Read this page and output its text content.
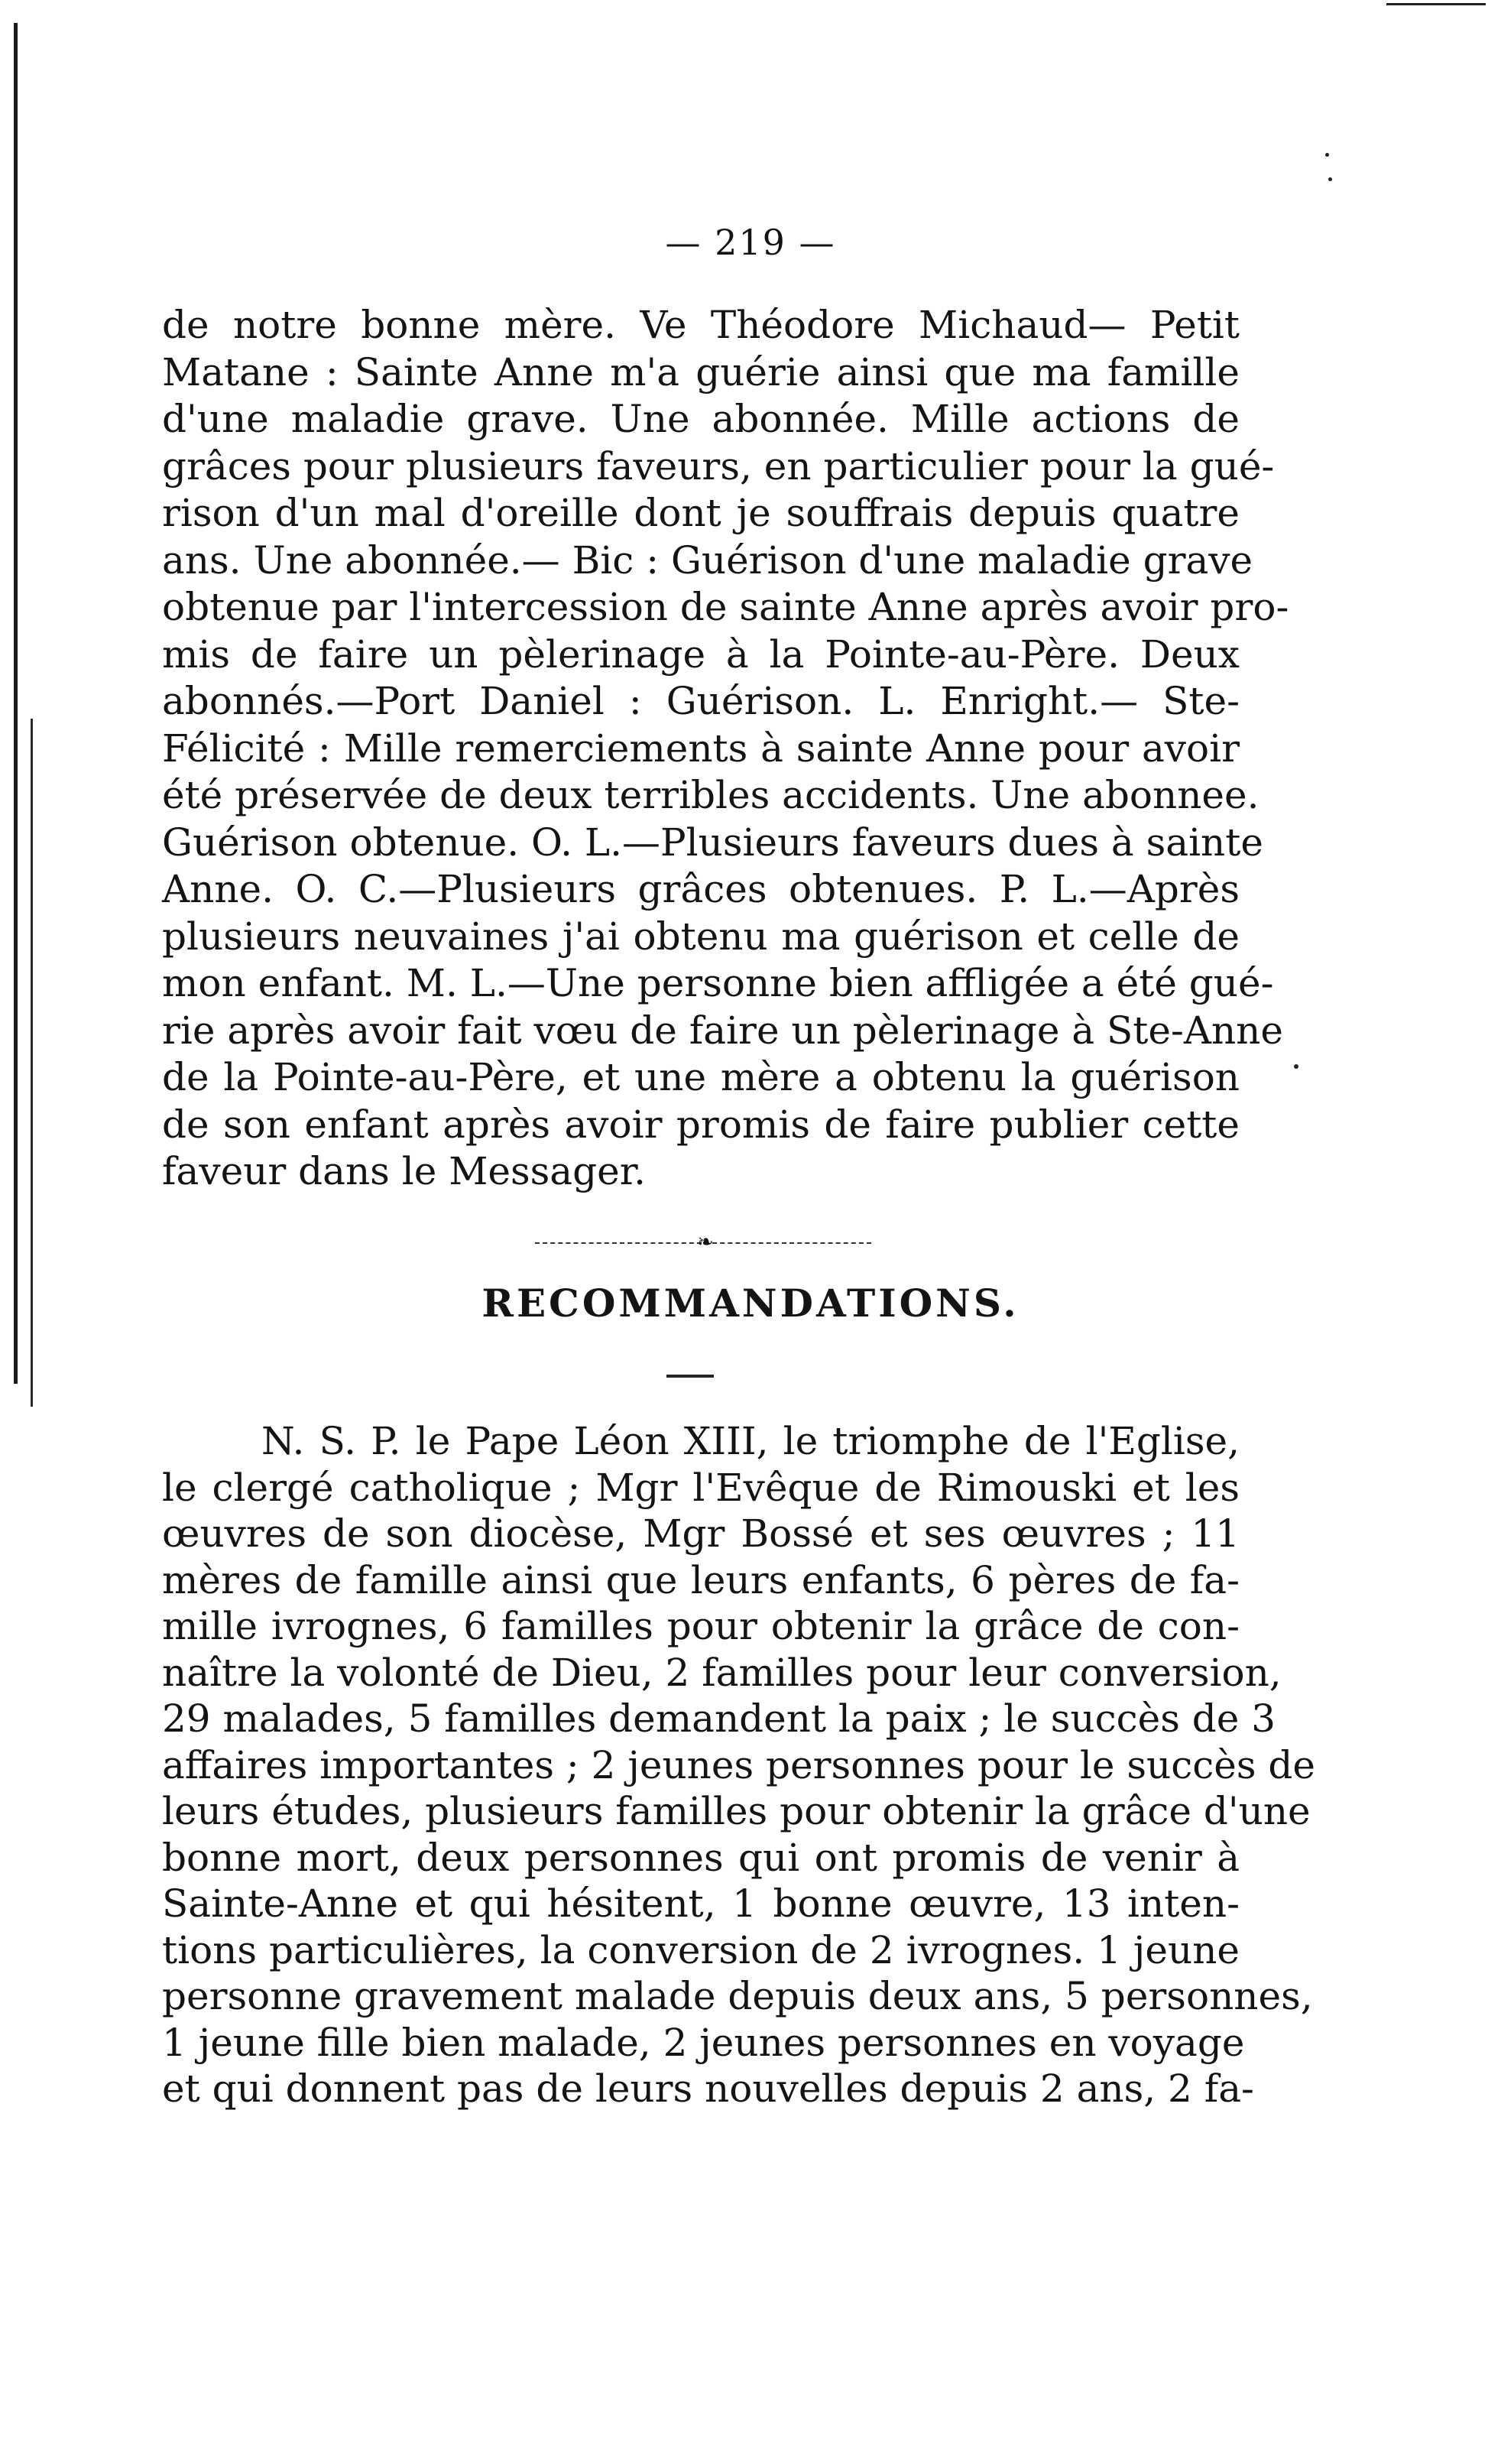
— 219 —
de notre bonne mère. Ve Théodore Michaud— Petit
Matane : Sainte Anne m'a guérie ainsi que ma famille
d'une maladie grave. Une abonnée. Mille actions de
grâces pour plusieurs faveurs, en particulier pour la gué-
rison d'un mal d'oreille dont je souffrais depuis quatre
ans. Une abonnée.— Bic : Guérison d'une maladie grave
obtenue par l'intercession de sainte Anne après avoir pro-
mis de faire un pèlerinage à la Pointe-au-Père. Deux
abonnés.—Port Daniel : Guérison. L. Enright.— Ste-
Félicité : Mille remerciements à sainte Anne pour avoir
été préservée de deux terribles accidents. Une abonnee.
Guérison obtenue. O. L.—Plusieurs faveurs dues à sainte
Anne. O. C.—Plusieurs grâces obtenues. P. L.—Après
plusieurs neuvaines j'ai obtenu ma guérison et celle de
mon enfant. M. L.—Une personne bien affligée a été gué-
rie après avoir fait vœu de faire un pèlerinage à Ste-Anne
de la Pointe-au-Père, et une mère a obtenu la guérison
de son enfant après avoir promis de faire publier cette
faveur dans le Messager.
❧
RECOMMANDATIONS.
N. S. P. le Pape Léon XIII, le triomphe de l'Eglise,
le clergé catholique ; Mgr l'Evêque de Rimouski et les
œuvres de son diocèse, Mgr Bossé et ses œuvres ; 11
mères de famille ainsi que leurs enfants, 6 pères de fa-
mille ivrognes, 6 familles pour obtenir la grâce de con-
naître la volonté de Dieu, 2 familles pour leur conversion,
29 malades, 5 familles demandent la paix ; le succès de 3
affaires importantes ; 2 jeunes personnes pour le succès de
leurs études, plusieurs familles pour obtenir la grâce d'une
bonne mort, deux personnes qui ont promis de venir à
Sainte-Anne et qui hésitent, 1 bonne œuvre, 13 inten-
tions particulières, la conversion de 2 ivrognes. 1 jeune
personne gravement malade depuis deux ans, 5 personnes,
1 jeune fille bien malade, 2 jeunes personnes en voyage
et qui donnent pas de leurs nouvelles depuis 2 ans, 2 fa-
